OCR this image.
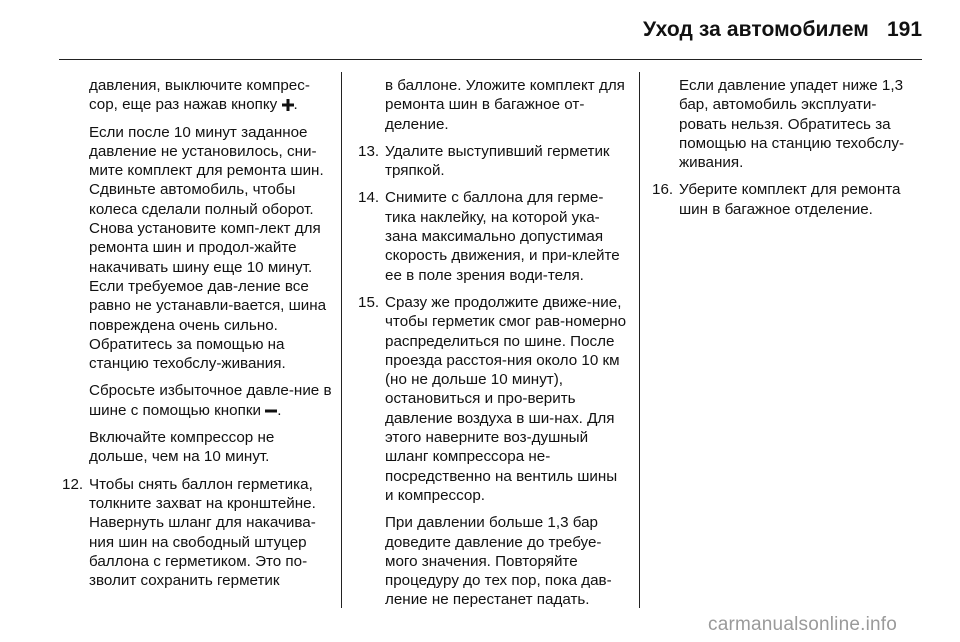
Уход за автомобилем 191

давления, выключите компрес-сор, еще раз нажав кнопку .

Если после 10 минут заданное давление не установилось, сни-мите комплект для ремонта шин. Сдвиньте автомобиль, чтобы колеса сделали полный оборот. Снова установите комп-лект для ремонта шин и продол-жайте накачивать шину еще 10 минут. Если требуемое дав-ление все равно не устанавли-вается, шина повреждена очень сильно. Обратитесь за помощью на станцию техобслу-живания.

Сбросьте избыточное давле-ние в шине с помощью кнопки .

Включайте компрессор не дольше, чем на 10 минут.

12. Чтобы снять баллон герметика, толкните захват на кронштейне. Навернуть шланг для накачива-ния шин на свободный штуцер баллона с герметиком. Это по-зволит сохранить герметик

в баллоне. Уложите комплект для ремонта шин в багажное от-деление.

13. Удалите выступивший герметик тряпкой.
14. Снимите с баллона для герме-тика наклейку, на которой ука-зана максимально допустимая скорость движения, и при-клейте ее в поле зрения води-теля.
15. Сразу же продолжите движе-ние, чтобы герметик смог рав-номерно распределиться по шине. После проезда расстоя-ния около 10 км (но не дольше 10 минут), остановиться и про-верить давление воздуха в ши-нах. Для этого наверните воз-душный шланг компрессора не-посредственно на вентиль шины и компрессор.

При давлении больше 1,3 бар доведите давление до требуе-мого значения. Повторяйте процедуру до тех пор, пока дав-ление не перестанет падать.

Если давление упадет ниже 1,3 бар, автомобиль эксплуати-ровать нельзя. Обратитесь за помощью на станцию техобслу-живания.

16. Уберите комплект для ремонта шин в багажное отделение.
carmanualsonline.info
